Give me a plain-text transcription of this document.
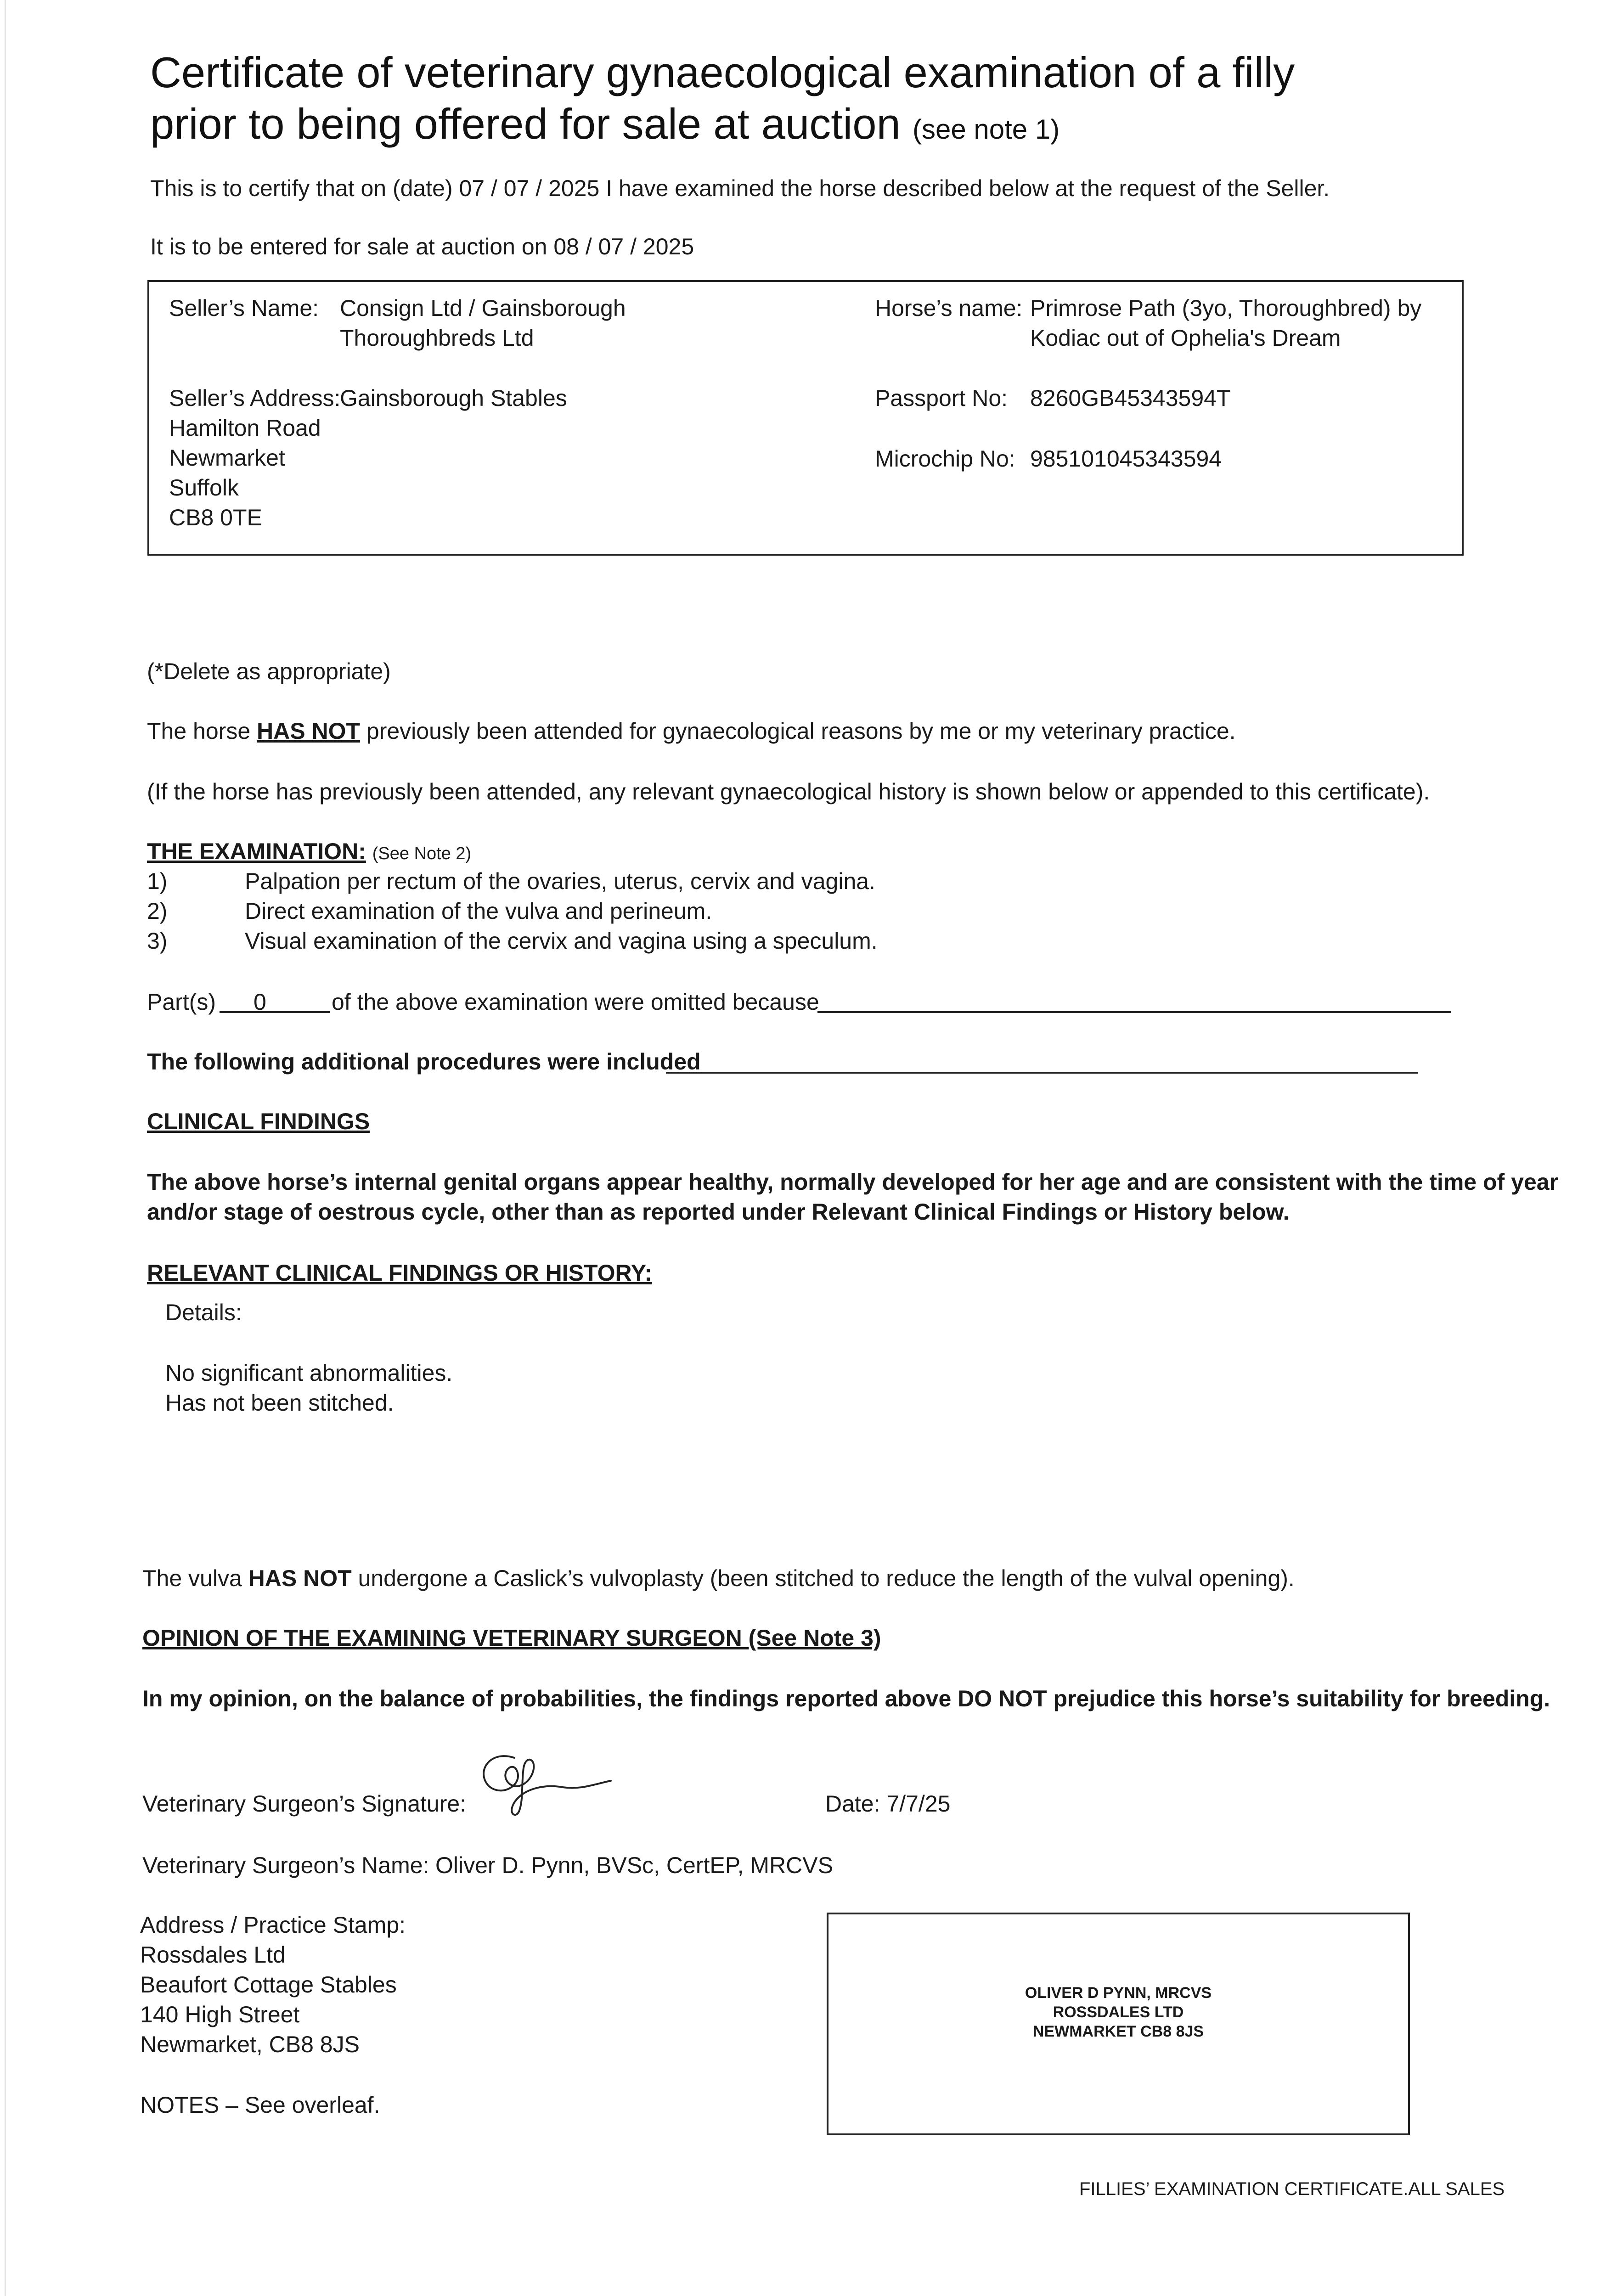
Certificate of veterinary gynaecological examination of a filly
prior to being offered for sale at auction (see note 1)
This is to certify that on (date) 07 / 07 / 2025 I have examined the horse described below at the request of the Seller.
It is to be entered for sale at auction on 08 / 07 / 2025
Seller’s Name: Consign Ltd / Gainsborough
Thoroughbreds Ltd
Seller’s Address:
Gainsborough Stables
Hamilton Road
Newmarket
Suffolk
CB8 0TE
Horse’s name: Primrose Path (3yo, Thoroughbred) by
Kodiac out of Ophelia's Dream
Passport No: 8260GB45343594T
Microchip No: 985101045343594
(*Delete as appropriate)
The horse HAS NOT previously been attended for gynaecological reasons by me or my veterinary practice.
(If the horse has previously been attended, any relevant gynaecological history is shown below or appended to this certificate).
THE EXAMINATION: (See Note 2)
1)	Palpation per rectum of the ovaries, uterus, cervix and vagina.
2)	Direct examination of the vulva and perineum.
3)	Visual examination of the cervix and vagina using a speculum.
Part(s) 0	of the above examination were omitted because
The following additional procedures were included
CLINICAL FINDINGS
The above horse’s internal genital organs appear healthy, normally developed for her age and are consistent with the time of year
and/or stage of oestrous cycle, other than as reported under Relevant Clinical Findings or History below.
RELEVANT CLINICAL FINDINGS OR HISTORY:
Details:
No significant abnormalities.
Has not been stitched.
The vulva HAS NOT undergone a Caslick’s vulvoplasty (been stitched to reduce the length of the vulval opening).
OPINION OF THE EXAMINING VETERINARY SURGEON (See Note 3)
In my opinion, on the balance of probabilities, the findings reported above DO NOT prejudice this horse’s suitability for breeding.
Veterinary Surgeon’s Signature:	Date: 7/7/25
Veterinary Surgeon’s Name: Oliver D. Pynn, BVSc, CertEP, MRCVS
Address / Practice Stamp:
Rossdales Ltd
Beaufort Cottage Stables
140 High Street
Newmarket, CB8 8JS
NOTES – See overleaf.
OLIVER D PYNN, MRCVS
ROSSDALES LTD
NEWMARKET CB8 8JS
FILLIES’ EXAMINATION CERTIFICATE.ALL SALES
